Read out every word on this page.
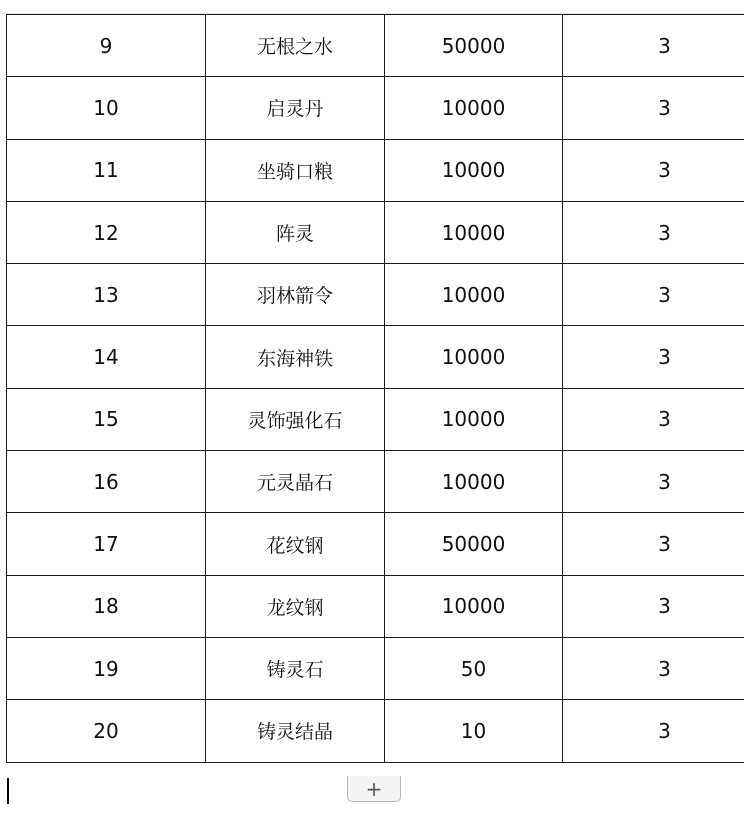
9	无根之水	50000	3
10	启灵丹	10000	3
11	坐骑口粮	10000	3
12	阵灵	10000	3
13	羽林箭令	10000	3
14	东海神铁	10000	3
15	灵饰强化石	10000	3
16	元灵晶石	10000	3
17	花纹钢	50000	3
18	龙纹钢	10000	3
19	铸灵石	50	3
20	铸灵结晶	10	3
+
